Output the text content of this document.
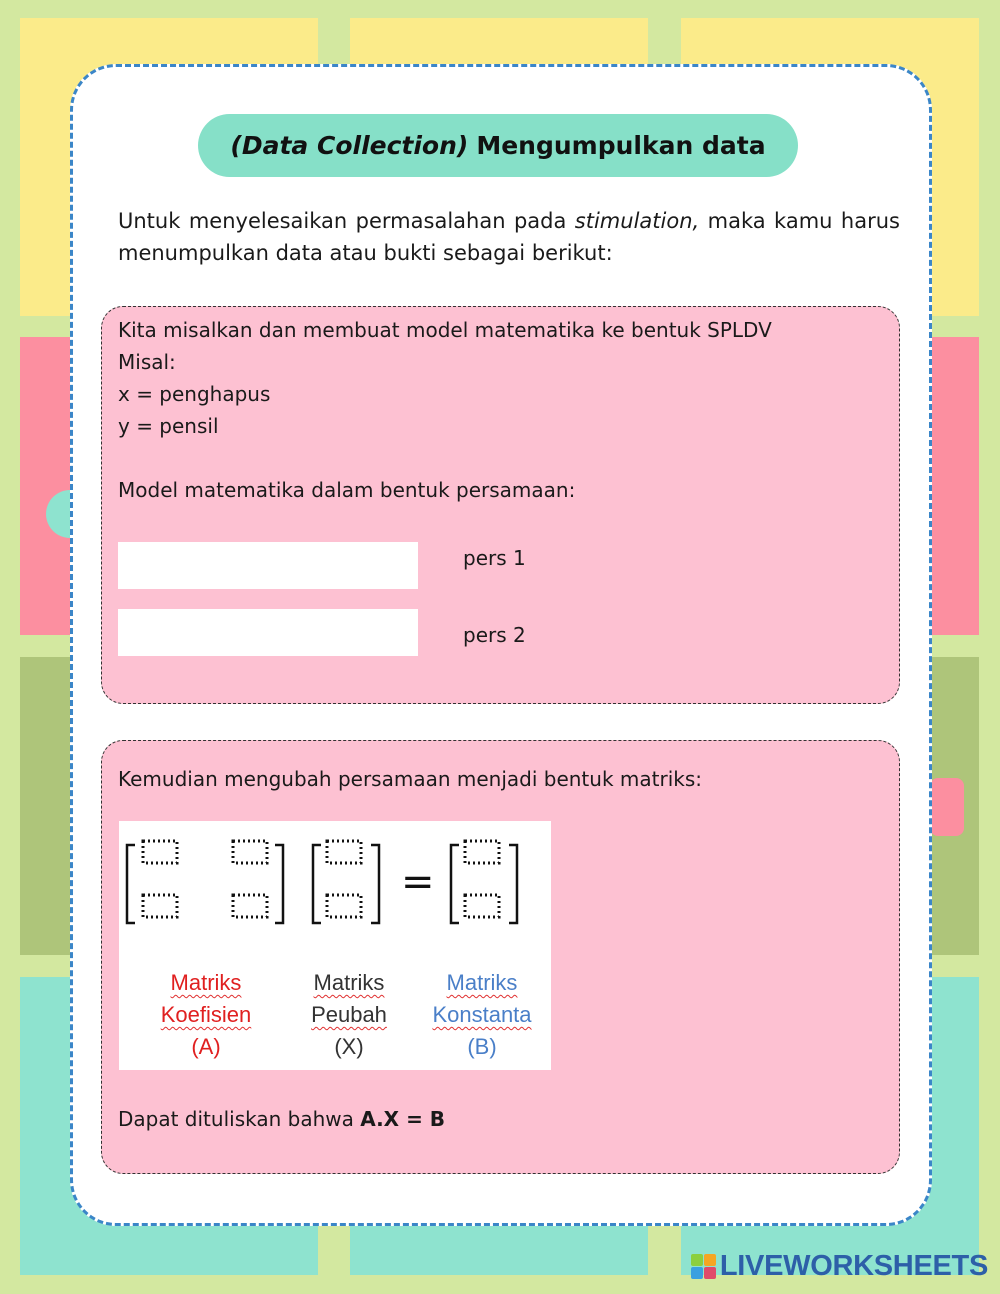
(Data Collection) Mengumpulkan data
Untuk menyelesaikan permasalahan pada stimulation, maka kamu harus menumpulkan data atau bukti sebagai berikut:
Kita misalkan dan membuat model matematika ke bentuk SPLDV
Misal:
x = penghapus
y = pensil
Model matematika dalam bentuk persamaan:
pers 1
pers 2
Kemudian mengubah persamaan menjadi bentuk matriks:
=
Matriks
Koefisien
(A)
Matriks
Peubah
(X)
Matriks
Konstanta
(B)
Dapat dituliskan bahwa A.X = B
LIVEWORKSHEETS
